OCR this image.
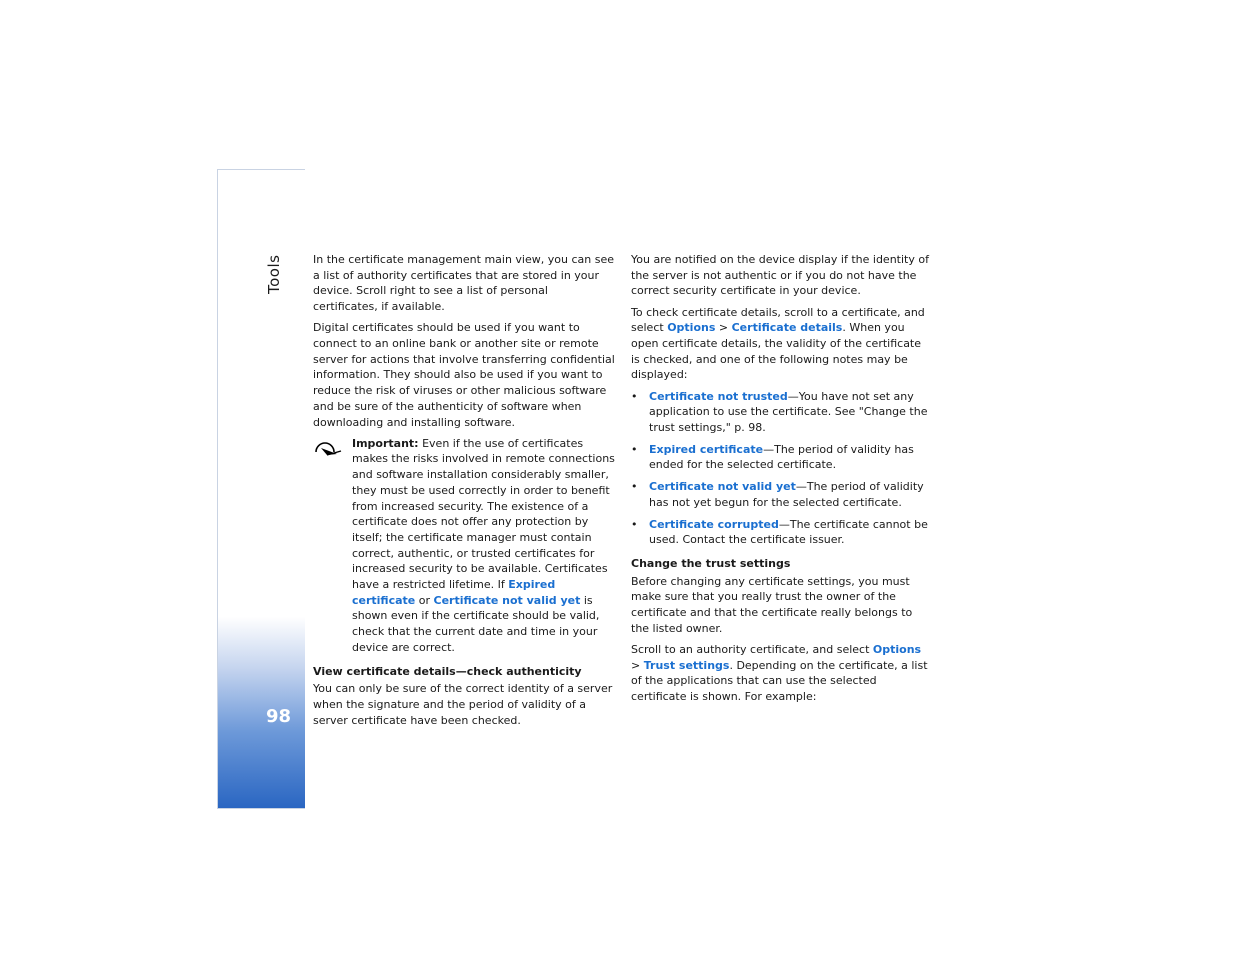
Tools
98

In the certificate management main view, you can see a list of authority certificates that are stored in your device. Scroll right to see a list of personal certificates, if available.

Digital certificates should be used if you want to connect to an online bank or another site or remote server for actions that involve transferring confidential information. They should also be used if you want to reduce the risk of viruses or other malicious software and be sure of the authenticity of software when downloading and installing software.

Important: Even if the use of certificates makes the risks involved in remote connections and software installation considerably smaller, they must be used correctly in order to benefit from increased security. The existence of a certificate does not offer any protection by itself; the certificate manager must contain correct, authentic, or trusted certificates for increased security to be available. Certificates have a restricted lifetime. If Expired certificate or Certificate not valid yet is shown even if the certificate should be valid, check that the current date and time in your device are correct.
View certificate details—check authenticity

You can only be sure of the correct identity of a server when the signature and the period of validity of a server certificate have been checked.

You are notified on the device display if the identity of the server is not authentic or if you do not have the correct security certificate in your device.

To check certificate details, scroll to a certificate, and select Options > Certificate details. When you open certificate details, the validity of the certificate is checked, and one of the following notes may be displayed:

• Certificate not trusted—You have not set any application to use the certificate. See "Change the trust settings," p. 98.
• Expired certificate—The period of validity has ended for the selected certificate.
• Certificate not valid yet—The period of validity has not yet begun for the selected certificate.
• Certificate corrupted—The certificate cannot be used. Contact the certificate issuer.
Change the trust settings

Before changing any certificate settings, you must make sure that you really trust the owner of the certificate and that the certificate really belongs to the listed owner.

Scroll to an authority certificate, and select Options > Trust settings. Depending on the certificate, a list of the applications that can use the selected certificate is shown. For example:
